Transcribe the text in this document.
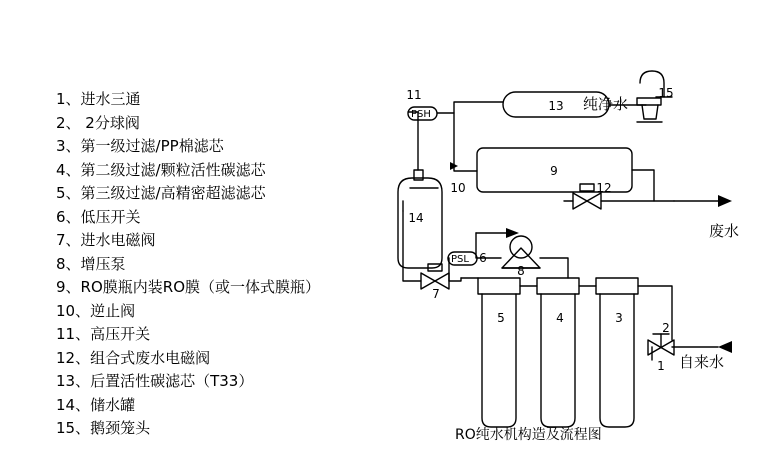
1、进水三通
2、 2分球阀
3、第一级过滤/PP棉滤芯
4、第二级过滤/颗粒活性碳滤芯
5、第三级过滤/高精密超滤滤芯
6、低压开关
7、进水电磁阀
8、增压泵
9、RO膜瓶内装RO膜（或一体式膜瓶）
10、逆止阀
11、高压开关
12、组合式废水电磁阀
13、后置活性碳滤芯（T33）
14、储水罐
15、鹅颈笼头
PSH
PSL
14
13
9
11
10	12
15
6
8
7
5	4	3
2
1
纯净水
废水
自来水
RO纯水机构造及流程图
